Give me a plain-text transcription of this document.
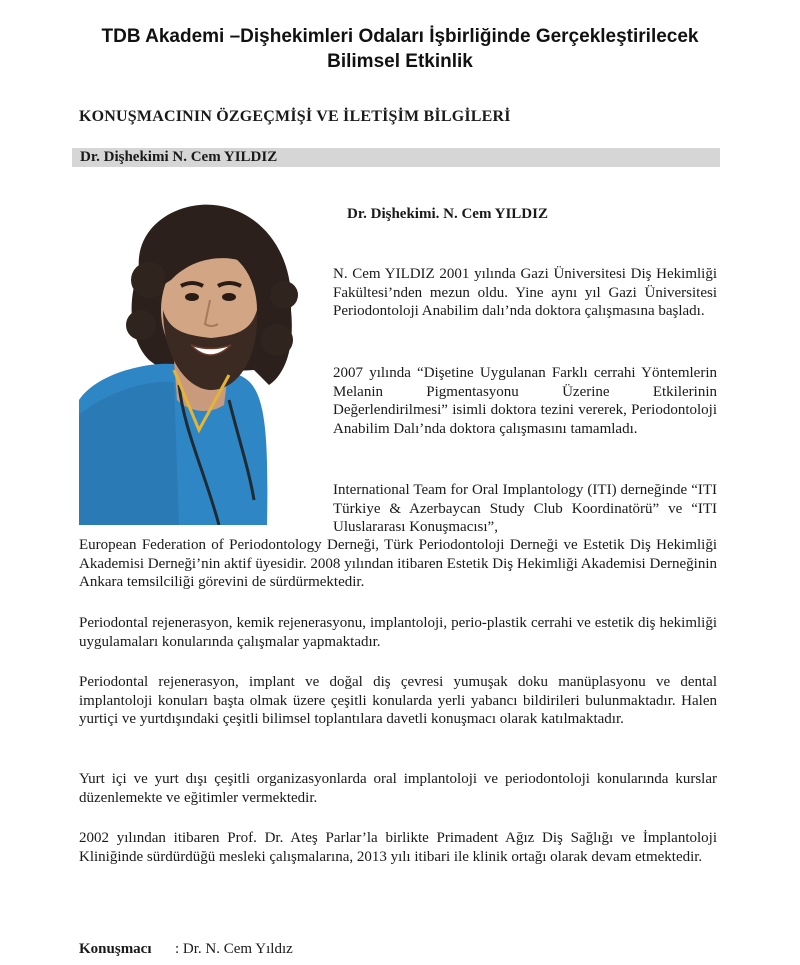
TDB Akademi –Dişhekimleri Odaları İşbirliğinde Gerçekleştirilecek
Bilimsel Etkinlik
KONUŞMACININ ÖZGEÇMİŞİ VE İLETİŞİM BİLGİLERİ
Dr. Dişhekimi N. Cem YILDIZ
Dr. Dişhekimi. N. Cem YILDIZ

N. Cem YILDIZ 2001 yılında Gazi Üniversitesi Diş Hekimliği Fakültesi’nden mezun oldu. Yine aynı yıl Gazi Üniversitesi Periodontoloji Anabilim dalı’nda doktora çalışmasına başladı.

2007 yılında “Dişetine Uygulanan Farklı cerrahi Yöntemlerin Melanin Pigmentasyonu Üzerine Etkilerinin Değerlendirilmesi” isimli doktora tezini vererek, Periodontoloji Anabilim Dalı’nda doktora çalışmasını tamamladı.

International Team for Oral Implantology (ITI) derneğinde “ITI Türkiye & Azerbaycan Study Club Koordinatörü” ve “ITI Uluslararası Konuşmacısı”,

European Federation of Periodontology Derneği, Türk Periodontoloji Derneği ve Estetik Diş Hekimliği Akademisi Derneği’nin aktif üyesidir. 2008 yılından itibaren Estetik Diş Hekimliği Akademisi Derneğinin Ankara temsilciliği görevini de sürdürmektedir.

Periodontal rejenerasyon, kemik rejenerasyonu, implantoloji, perio-plastik cerrahi ve estetik diş hekimliği uygulamaları konularında çalışmalar yapmaktadır.

Periodontal rejenerasyon, implant ve doğal diş çevresi yumuşak doku manüplasyonu ve dental implantoloji konuları başta olmak üzere çeşitli konularda yerli yabancı bildirileri bulunmaktadır. Halen yurtiçi ve yurtdışındaki çeşitli bilimsel toplantılara davetli konuşmacı olarak katılmaktadır.

Yurt içi ve yurt dışı çeşitli organizasyonlarda oral implantoloji ve periodontoloji konularında kurslar düzenlemekte ve eğitimler vermektedir.

2002 yılından itibaren Prof. Dr. Ateş Parlar’la birlikte Primadent Ağız Diş Sağlığı ve İmplantoloji Kliniğinde sürdürdüğü mesleki çalışmalarına, 2013 yılı itibari ile klinik ortağı olarak devam etmektedir.

Konuşmacı : Dr. N. Cem Yıldız
